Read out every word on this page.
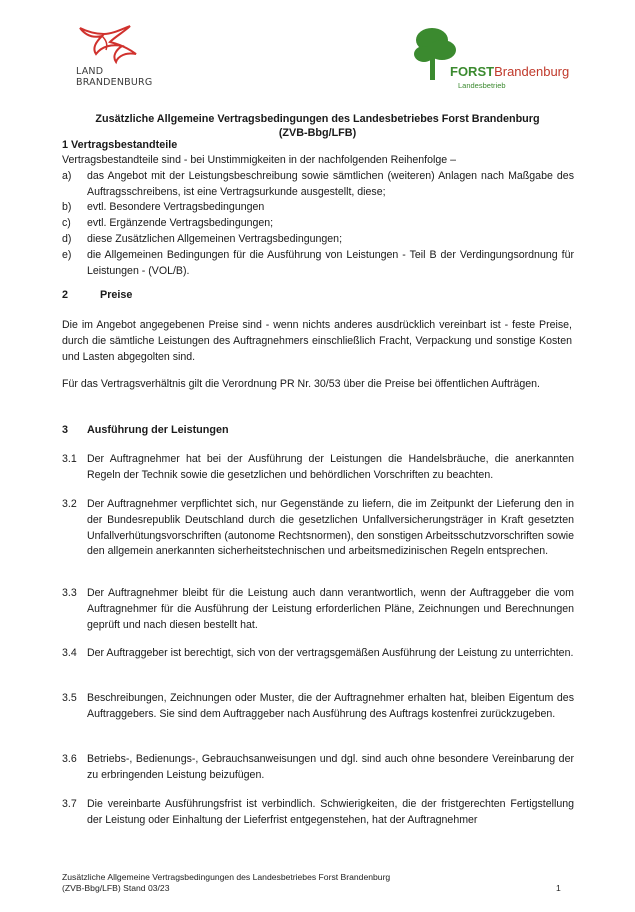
LAND
BRANDENBURG
FORSTBrandenburg
Landesbetrieb
Zusätzliche Allgemeine Vertragsbedingungen des Landesbetriebes Forst Brandenburg
(ZVB-Bbg/LFB)
1 Vertragsbestandteile
Vertragsbestandteile sind - bei Unstimmigkeiten in der nachfolgenden Reihenfolge –
a) das Angebot mit der Leistungsbeschreibung sowie sämtlichen (weiteren) Anlagen nach Maßgabe des Auftragsschreibens, ist eine Vertragsurkunde ausgestellt, diese;
b) evtl. Besondere Vertragsbedingungen
c) evtl. Ergänzende Vertragsbedingungen;
d) diese Zusätzlichen Allgemeinen Vertragsbedingungen;
e) die Allgemeinen Bedingungen für die Ausführung von Leistungen - Teil B der Verdingungsordnung für Leistungen - (VOL/B).
2	Preise
Die im Angebot angegebenen Preise sind - wenn nichts anderes ausdrücklich vereinbart ist - feste Preise, durch die sämtliche Leistungen des Auftragnehmers einschließlich Fracht, Verpackung und sonstige Kosten und Lasten abgegolten sind.
Für das Vertragsverhältnis gilt die Verordnung PR Nr. 30/53 über die Preise bei öffentlichen Aufträgen.
3 Ausführung der Leistungen
3.1 Der Auftragnehmer hat bei der Ausführung der Leistungen die Handelsbräuche, die anerkannten Regeln der Technik sowie die gesetzlichen und behördlichen Vorschriften zu beachten.
3.2 Der Auftragnehmer verpflichtet sich, nur Gegenstände zu liefern, die im Zeitpunkt der Lieferung den in der Bundesrepublik Deutschland durch die gesetzlichen Unfallversicherungsträger in Kraft gesetzten Unfallverhütungsvorschriften (autonome Rechtsnormen), den sonstigen Arbeitsschutzvorschriften sowie den allgemein anerkannten sicherheitstechnischen und arbeitsmedizinischen Regeln entsprechen.
3.3 Der Auftragnehmer bleibt für die Leistung auch dann verantwortlich, wenn der Auftraggeber die vom Auftragnehmer für die Ausführung der Leistung erforderlichen Pläne, Zeichnungen und Berechnungen geprüft und nach diesen bestellt hat.
3.4 Der Auftraggeber ist berechtigt, sich von der vertragsgemäßen Ausführung der Leistung zu unterrichten.
3.5 Beschreibungen, Zeichnungen oder Muster, die der Auftragnehmer erhalten hat, bleiben Eigentum des Auftraggebers. Sie sind dem Auftraggeber nach Ausführung des Auftrags kostenfrei zurückzugeben.
3.6 Betriebs-, Bedienungs-, Gebrauchsanweisungen und dgl. sind auch ohne besondere Vereinbarung der zu erbringenden Leistung beizufügen.
3.7 Die vereinbarte Ausführungsfrist ist verbindlich. Schwierigkeiten, die der fristgerechten Fertigstellung der Leistung oder Einhaltung der Lieferfrist entgegenstehen, hat der Auftragnehmer
Zusätzliche Allgemeine Vertragsbedingungen des Landesbetriebes Forst Brandenburg
(ZVB-Bbg/LFB) Stand 03/23	1
